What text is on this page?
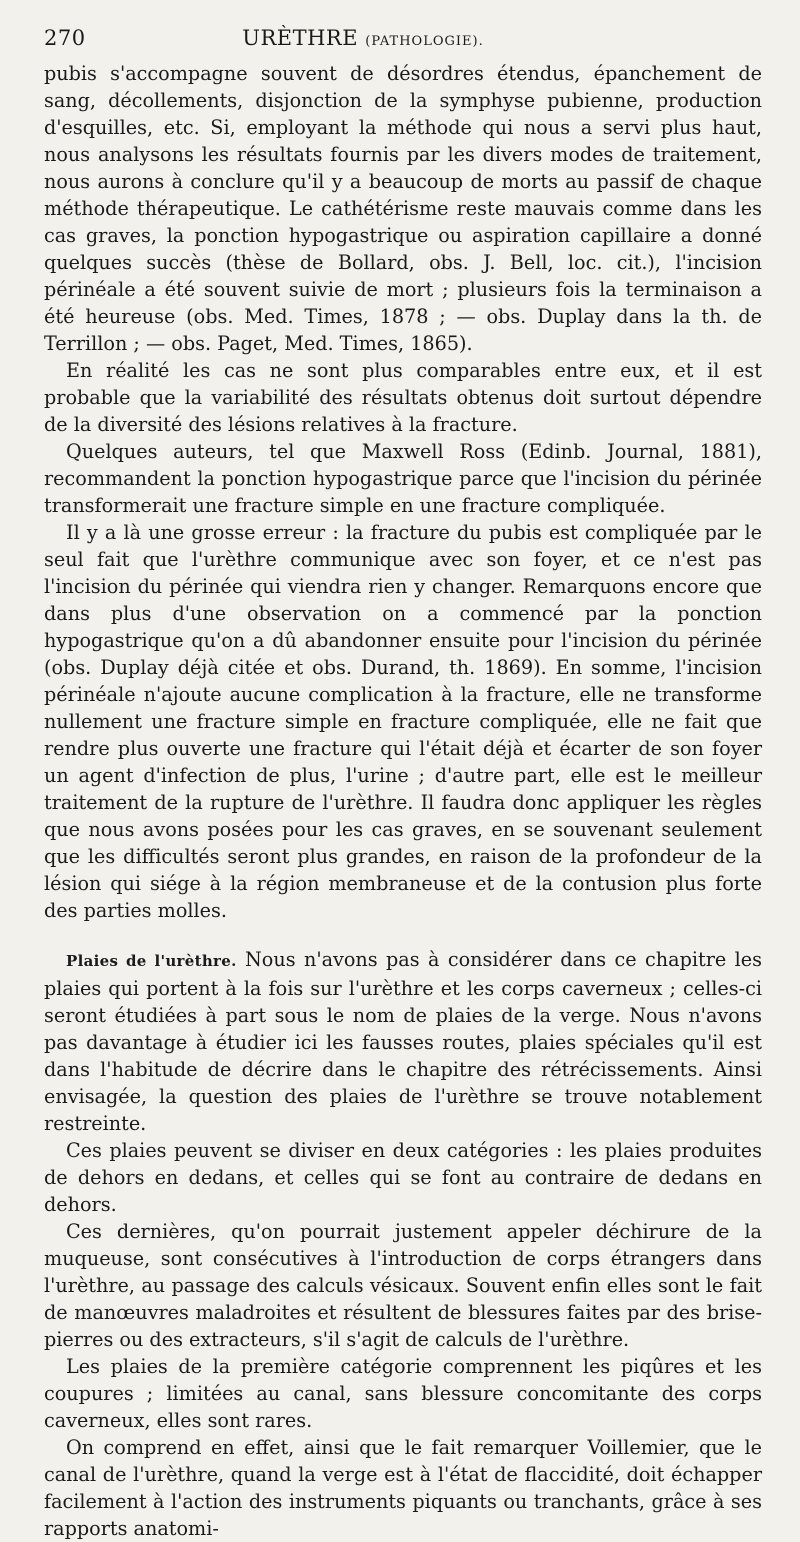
270	URÈTHRE (PATHOLOGIE).

pubis s'accompagne souvent de désordres étendus, épanchement de sang, décollements, disjonction de la symphyse pubienne, production d'esquilles, etc. Si, employant la méthode qui nous a servi plus haut, nous analysons les résultats fournis par les divers modes de traitement, nous aurons à conclure qu'il y a beaucoup de morts au passif de chaque méthode thérapeutique. Le cathétérisme reste mauvais comme dans les cas graves, la ponction hypogastrique ou aspiration capillaire a donné quelques succès (thèse de Bollard, obs. J. Bell, loc. cit.), l'incision périnéale a été souvent suivie de mort ; plusieurs fois la terminaison a été heureuse (obs. Med. Times, 1878 ; — obs. Duplay dans la th. de Terrillon ; — obs. Paget, Med. Times, 1865).

En réalité les cas ne sont plus comparables entre eux, et il est probable que la variabilité des résultats obtenus doit surtout dépendre de la diversité des lésions relatives à la fracture.

Quelques auteurs, tel que Maxwell Ross (Edinb. Journal, 1881), recommandent la ponction hypogastrique parce que l'incision du périnée transformerait une fracture simple en une fracture compliquée.

Il y a là une grosse erreur : la fracture du pubis est compliquée par le seul fait que l'urèthre communique avec son foyer, et ce n'est pas l'incision du périnée qui viendra rien y changer. Remarquons encore que dans plus d'une observation on a commencé par la ponction hypogastrique qu'on a dû abandonner ensuite pour l'incision du périnée (obs. Duplay déjà citée et obs. Durand, th. 1869). En somme, l'incision périnéale n'ajoute aucune complication à la fracture, elle ne transforme nullement une fracture simple en fracture compliquée, elle ne fait que rendre plus ouverte une fracture qui l'était déjà et écarter de son foyer un agent d'infection de plus, l'urine ; d'autre part, elle est le meilleur traitement de la rupture de l'urèthre. Il faudra donc appliquer les règles que nous avons posées pour les cas graves, en se souvenant seulement que les difficultés seront plus grandes, en raison de la profondeur de la lésion qui siége à la région membraneuse et de la contusion plus forte des parties molles.

Plaies de l'urèthre. Nous n'avons pas à considérer dans ce chapitre les plaies qui portent à la fois sur l'urèthre et les corps caverneux ; celles-ci seront étudiées à part sous le nom de plaies de la verge. Nous n'avons pas davantage à étudier ici les fausses routes, plaies spéciales qu'il est dans l'habitude de décrire dans le chapitre des rétrécissements. Ainsi envisagée, la question des plaies de l'urèthre se trouve notablement restreinte.

Ces plaies peuvent se diviser en deux catégories : les plaies produites de dehors en dedans, et celles qui se font au contraire de dedans en dehors.

Ces dernières, qu'on pourrait justement appeler déchirure de la muqueuse, sont consécutives à l'introduction de corps étrangers dans l'urèthre, au passage des calculs vésicaux. Souvent enfin elles sont le fait de manœuvres maladroites et résultent de blessures faites par des brise-pierres ou des extracteurs, s'il s'agit de calculs de l'urèthre.

Les plaies de la première catégorie comprennent les piqûres et les coupures ; limitées au canal, sans blessure concomitante des corps caverneux, elles sont rares.

On comprend en effet, ainsi que le fait remarquer Voillemier, que le canal de l'urèthre, quand la verge est à l'état de flaccidité, doit échapper facilement à l'action des instruments piquants ou tranchants, grâce à ses rapports anatomi-
